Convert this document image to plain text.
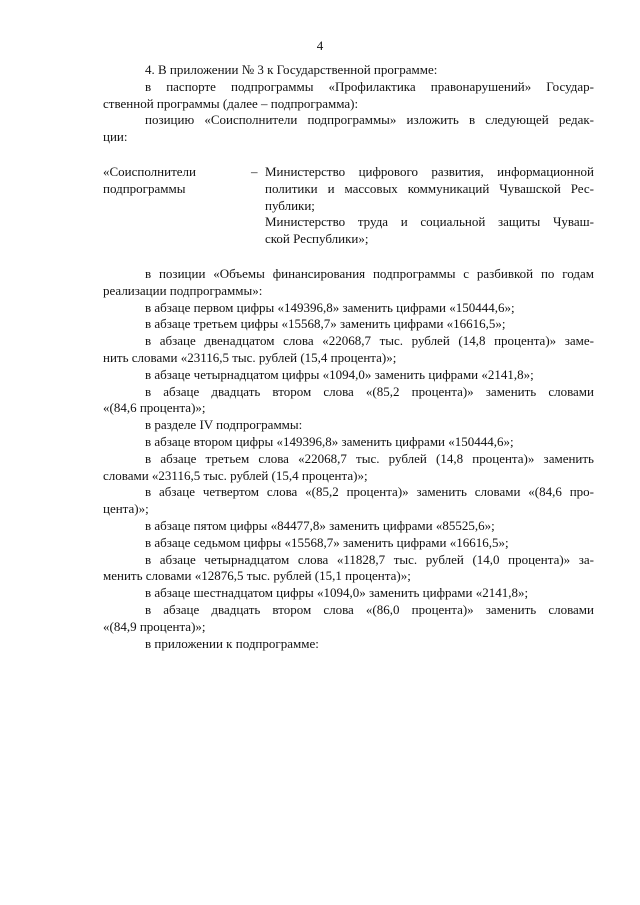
4

4. В приложении № 3 к Государственной программе:

в паспорте подпрограммы «Профилактика правонарушений» Государ-

ственной программы (далее – подпрограмма):

позицию «Соисполнители подпрограммы» изложить в следующей редак-

ции:

«Соисполнители
подпрограммы
– Министерство цифрового развития, информационной

политики и массовых коммуникаций Чувашской Рес-

публики;

Министерство труда и социальной защиты Чуваш-

ской Республики»;

в позиции «Объемы финансирования подпрограммы с разбивкой по годам

реализации подпрограммы»:

в абзаце первом цифры «149396,8» заменить цифрами «150444,6»;

в абзаце третьем цифры «15568,7» заменить цифрами «16616,5»;

в абзаце двенадцатом слова «22068,7 тыс. рублей (14,8 процента)» заме-

нить словами «23116,5 тыс. рублей (15,4 процента)»;

в абзаце четырнадцатом цифры «1094,0» заменить цифрами «2141,8»;

в абзаце двадцать втором слова «(85,2 процента)» заменить словами

«(84,6 процента)»;

в разделе IV подпрограммы:

в абзаце втором цифры «149396,8» заменить цифрами «150444,6»;

в абзаце третьем слова «22068,7 тыс. рублей (14,8 процента)» заменить

словами «23116,5 тыс. рублей (15,4 процента)»;

в абзаце четвертом слова «(85,2 процента)» заменить словами «(84,6 про-

цента)»;

в абзаце пятом цифры «84477,8» заменить цифрами «85525,6»;

в абзаце седьмом цифры «15568,7» заменить цифрами «16616,5»;

в абзаце четырнадцатом слова «11828,7 тыс. рублей (14,0 процента)» за-

менить словами «12876,5 тыс. рублей (15,1 процента)»;

в абзаце шестнадцатом цифры «1094,0» заменить цифрами «2141,8»;

в абзаце двадцать втором слова «(86,0 процента)» заменить словами

«(84,9 процента)»;

в приложении к подпрограмме:
